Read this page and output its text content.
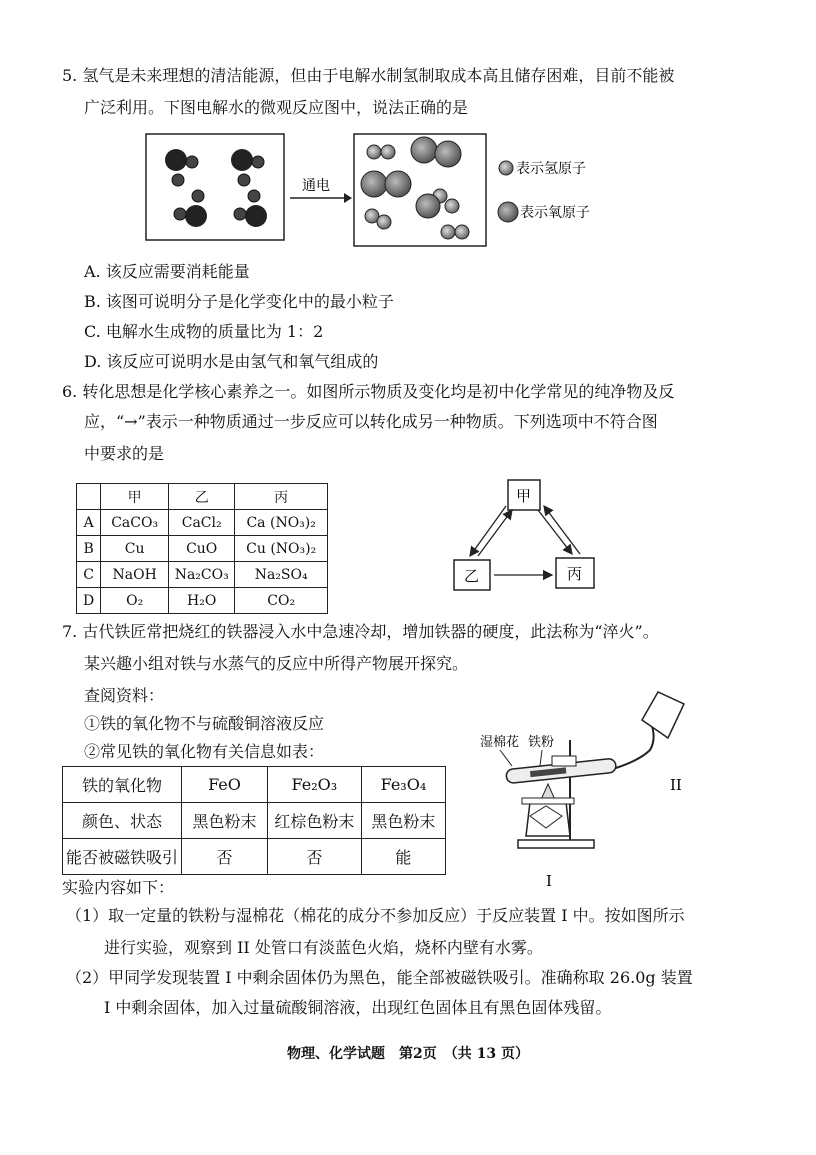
5. 氢气是未来理想的清洁能源，但由于电解水制氢制取成本高且储存困难，目前不能被
广泛利用。下图电解水的微观反应图中，说法正确的是
通电
表示氢原子
表示氧原子
A. 该反应需要消耗能量
B. 该图可说明分子是化学变化中的最小粒子
C. 电解水生成物的质量比为 1：2
D. 该反应可说明水是由氢气和氧气组成的
6. 转化思想是化学核心素养之一。如图所示物质及变化均是初中化学常见的纯净物及反
应，“→”表示一种物质通过一步反应可以转化成另一种物质。下列选项中不符合图
中要求的是
	甲	乙	丙
A	CaCO₃	CaCl₂	Ca (NO₃)₂
B	Cu	CuO	Cu (NO₃)₂
C	NaOH	Na₂CO₃	Na₂SO₄
D	O₂	H₂O	CO₂
甲
乙	丙
7. 古代铁匠常把烧红的铁器浸入水中急速冷却，增加铁器的硬度，此法称为“淬火”。
某兴趣小组对铁与水蒸气的反应中所得产物展开探究。
查阅资料：
①铁的氧化物不与硫酸铜溶液反应
②常见铁的氧化物有关信息如表：
铁的氧化物	FeO	Fe₂O₃	Fe₃O₄
颜色、状态	黑色粉末	红棕色粉末	黑色粉末
能否被磁铁吸引	否	否	能
湿棉花 铁粉
II
I
实验内容如下：
（1）取一定量的铁粉与湿棉花（棉花的成分不参加反应）于反应装置 I 中。按如图所示
进行实验，观察到 II 处管口有淡蓝色火焰，烧杯内壁有水雾。
（2）甲同学发现装置 I 中剩余固体仍为黑色，能全部被磁铁吸引。准确称取 26.0g 装置
I 中剩余固体，加入过量硫酸铜溶液，出现红色固体且有黑色固体残留。
物理、化学试题　第2页　（共 13 页）
